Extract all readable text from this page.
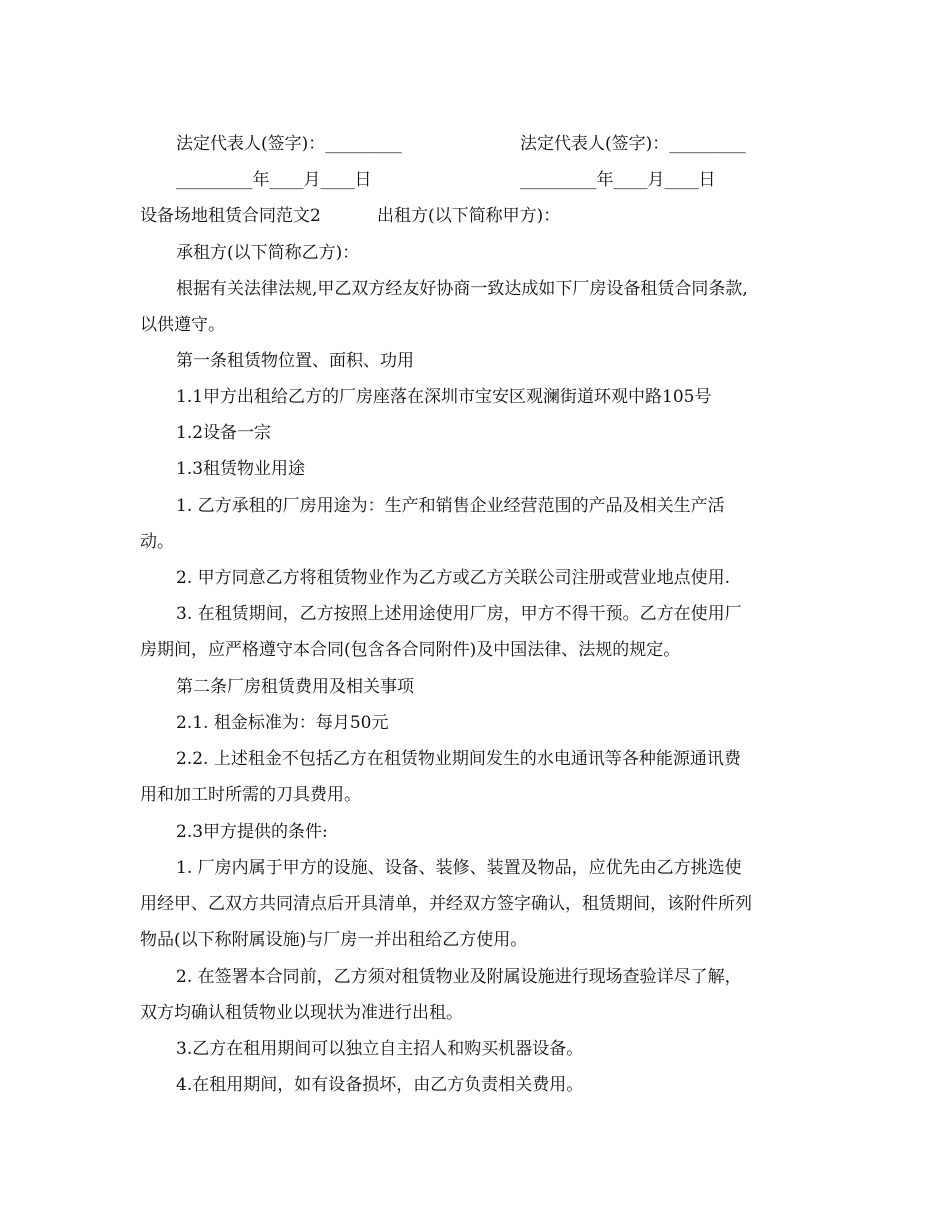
法定代表人(签字)：_________	法定代表人(签字)：_________
_________年____月____日	_________年____月____日
设备场地租赁合同范文2	出租方(以下简称甲方)：
承租方(以下简称乙方)：
根据有关法律法规,甲乙双方经友好协商一致达成如下厂房设备租赁合同条款,
以供遵守。
第一条租赁物位置、面积、功用
1.1甲方出租给乙方的厂房座落在深圳市宝安区观澜街道环观中路105号
1.2设备一宗
1.3租赁物业用途
1. 乙方承租的厂房用途为：生产和销售企业经营范围的产品及相关生产活
动。
2. 甲方同意乙方将租赁物业作为乙方或乙方关联公司注册或营业地点使用.
3. 在租赁期间，乙方按照上述用途使用厂房，甲方不得干预。乙方在使用厂
房期间，应严格遵守本合同(包含各合同附件)及中国法律、法规的规定。
第二条厂房租赁费用及相关事项
2.1. 租金标准为：每月50元
2.2. 上述租金不包括乙方在租赁物业期间发生的水电通讯等各种能源通讯费
用和加工时所需的刀具费用。
2.3甲方提供的条件:
1. 厂房内属于甲方的设施、设备、装修、装置及物品，应优先由乙方挑选使
用经甲、乙双方共同清点后开具清单，并经双方签字确认，租赁期间，该附件所列
物品(以下称附属设施)与厂房一并出租给乙方使用。
2. 在签署本合同前，乙方须对租赁物业及附属设施进行现场查验详尽了解，
双方均确认租赁物业以现状为准进行出租。
3.乙方在租用期间可以独立自主招人和购买机器设备。
4.在租用期间，如有设备损坏，由乙方负责相关费用。
